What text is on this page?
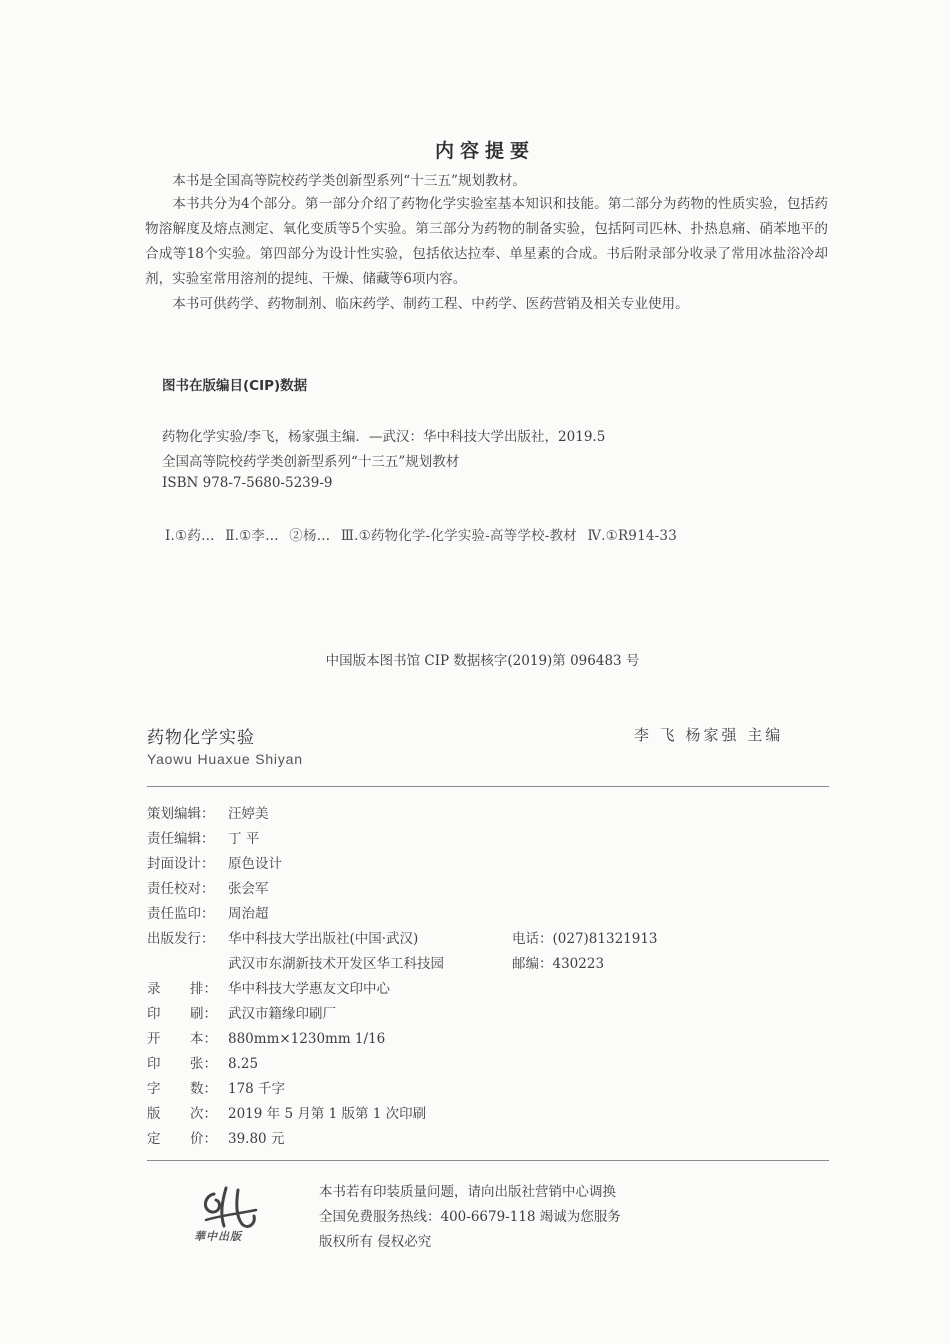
内容提要
本书是全国高等院校药学类创新型系列“十三五”规划教材。
本书共分为4个部分。第一部分介绍了药物化学实验室基本知识和技能。第二部分为药物的性质实验，包括药物溶解度及熔点测定、氧化变质等5个实验。第三部分为药物的制备实验，包括阿司匹林、扑热息痛、硝苯地平的合成等18个实验。第四部分为设计性实验，包括依达拉奉、单星素的合成。书后附录部分收录了常用冰盐浴冷却剂，实验室常用溶剂的提纯、干燥、储藏等6项内容。
本书可供药学、药物制剂、临床药学、制药工程、中药学、医药营销及相关专业使用。
图书在版编目(CIP)数据
药物化学实验/李飞，杨家强主编．—武汉：华中科技大学出版社，2019.5
全国高等院校药学类创新型系列“十三五”规划教材
ISBN 978-7-5680-5239-9
Ⅰ.①药… Ⅱ.①李… ②杨… Ⅲ.①药物化学-化学实验-高等学校-教材 Ⅳ.①R914-33
中国版本图书馆 CIP 数据核字(2019)第 096483 号
药物化学实验
Yaowu Huaxue Shiyan
李 飞 杨家强 主编
策划编辑： 汪婷美
责任编辑： 丁 平
封面设计： 原色设计
责任校对： 张会军
责任监印： 周治超
出版发行： 华中科技大学出版社(中国·武汉)
武汉市东湖新技术开发区华工科技园
电话：(027)81321913
邮编：430223
录 排： 华中科技大学惠友文印中心
印 刷： 武汉市籍缘印刷厂
开 本： 880mm×1230mm 1/16
印 张： 8.25
字 数： 178 千字
版 次： 2019 年 5 月第 1 版第 1 次印刷
定 价： 39.80 元
華中出版
本书若有印装质量问题，请向出版社营销中心调换
全国免费服务热线：400-6679-118 竭诚为您服务
版权所有 侵权必究
